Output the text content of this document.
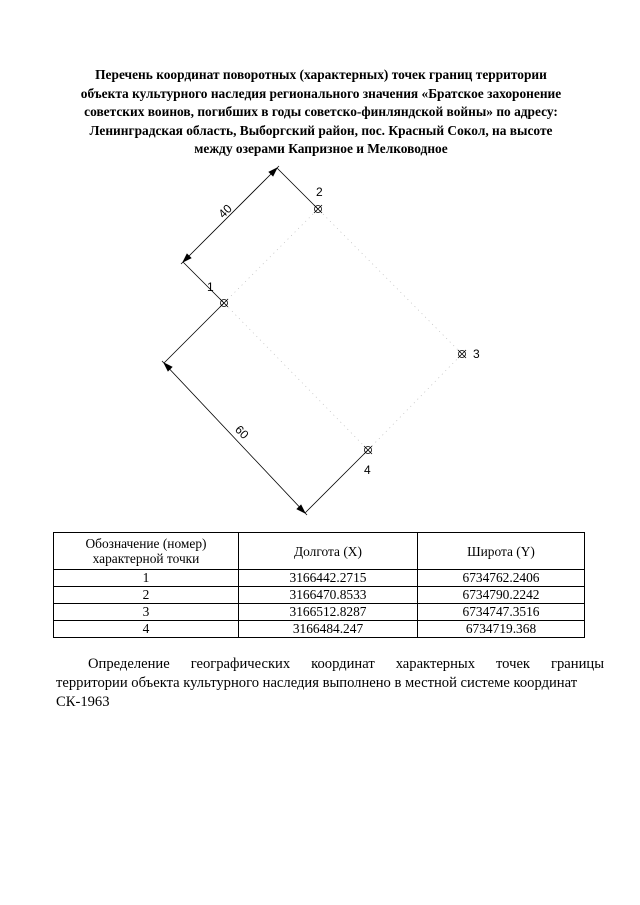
Перечень координат поворотных (характерных) точек границ территории
объекта культурного наследия регионального значения «Братское захоронение
советских воинов, погибших в годы советско-финляндской войны» по адресу:
Ленинградская область, Выборгский район, пос. Красный Сокол, на высоте
между озерами Капризное и Мелководное
40
60
1
2
3
4
Обозначение (номер)
характерной точки	Долгота (X)	Широта (Y)
1	3166442.2715	6734762.2406
2	3166470.8533	6734790.2242
3	3166512.8287	6734747.3516
4	3166484.247	6734719.368
Определение географических координат характерных точек границы
территории объекта культурного наследия выполнено в местной системе координат
СК-1963
